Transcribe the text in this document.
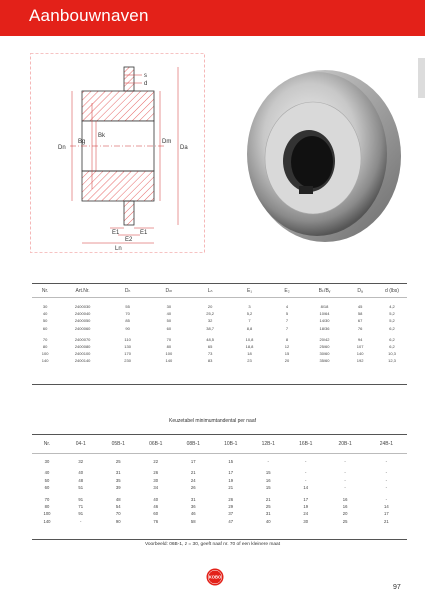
Aanbouwnaven
s
d
Dn
Bg
Bk
Dm
Da
E1	E1
E2
Ln
Nr.	Art.Nr.	Dₙ	Dₘ	Lₙ	E₁	E₂	Bₖ/Bᵧ	Dₐ	d (lbs)

30	2400030	55	30	20	3	4	8/18	45	4,2
40	2400040	70	40	25,2	5,2	5	10/64	58	5,2
50	2400050	85	50	32	7	7	14/30	67	5,2
60	2400060	90	60	38,7	8,8	7	18/36	76	6,2

70	2400070	110	70	48,5	10,8	8	20/42	94	6,2
80	2400080	130	80	65	18,8	12	25/60	107	6,2
100	2400100	170	100	73	18	15	30/60	140	10,3
140	2400140	230	140	83	23	20	35/60	192	12,3
Keuzetabel minimumtandental per naaf
Nr.	04-1	05B-1	06B-1	08B-1	10B-1	12B-1	16B-1	20B-1	24B-1

30	32	25	22	17	15	-	-	-	-

40	40	31	26	21	17	15	-	-	-
50	48	35	30	24	19	16	-	-	-
60	51	39	34	26	21	15	14	-	-

70	91	48	40	31	26	21	17	16	-
80	71	54	46	36	29	25	19	16	14
100	91	70	60	46	37	31	24	20	17
140	-	90	76	58	47	40	30	25	21
Voorbeeld: 06B-1, z = 30, geeft naaf nr. 70 of een kleinere maat
KOBO
97
